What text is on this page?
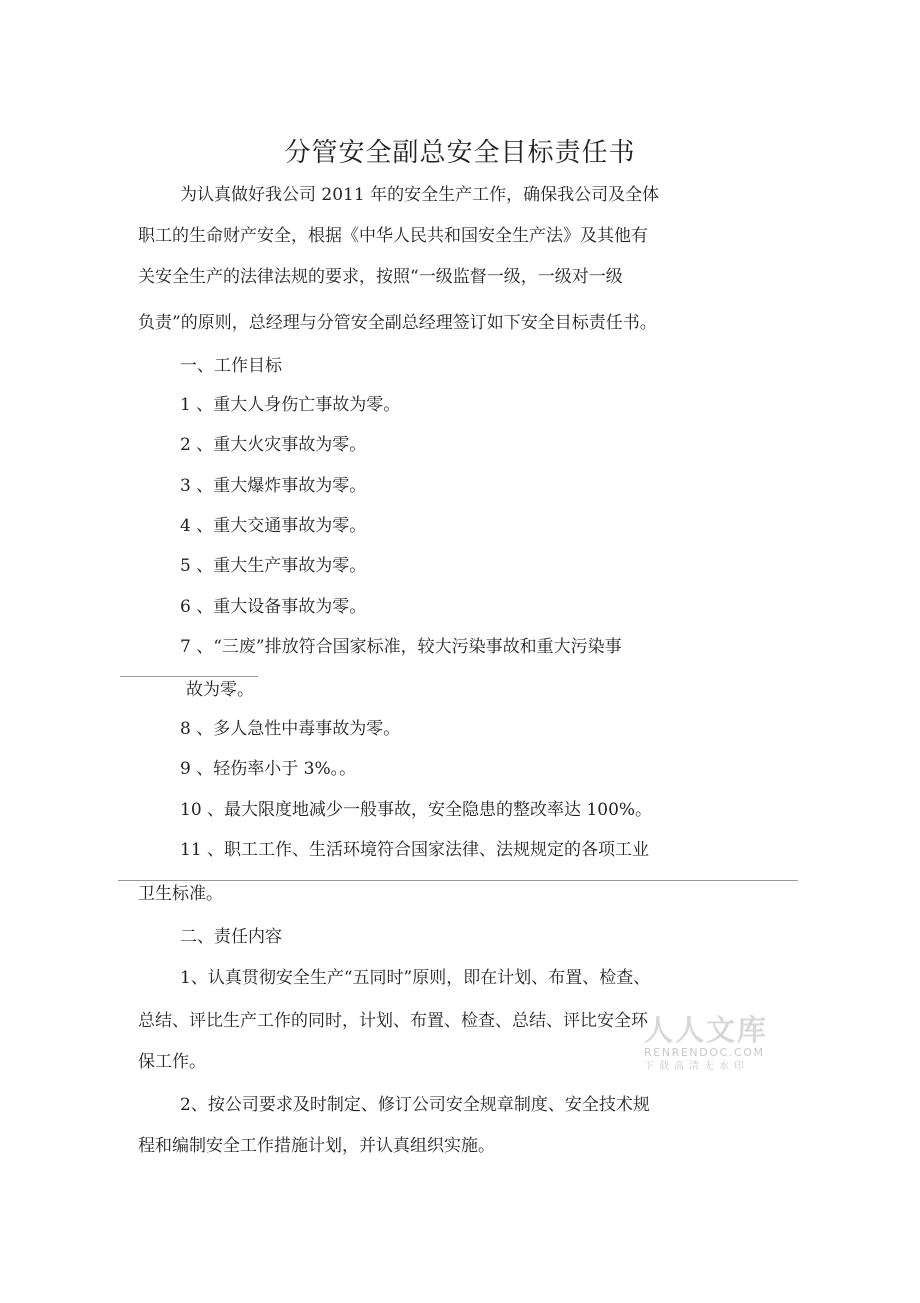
分管安全副总安全目标责任书
为认真做好我公司 2011 年的安全生产工作，确保我公司及全体
职工的生命财产安全，根据《中华人民共和国安全生产法》及其他有
关安全生产的法律法规的要求，按照“一级监督一级，一级对一级
负责”的原则，总经理与分管安全副总经理签订如下安全目标责任书。
一、工作目标
1 、重大人身伤亡事故为零。
2 、重大火灾事故为零。
3 、重大爆炸事故为零。
4 、重大交通事故为零。
5 、重大生产事故为零。
6 、重大设备事故为零。
7 、“三废”排放符合国家标准，较大污染事故和重大污染事
故为零。
8 、多人急性中毒事故为零。
9 、轻伤率小于 3%。。
10 、最大限度地减少一般事故，安全隐患的整改率达 100%。
11 、职工工作、生活环境符合国家法律、法规规定的各项工业
卫生标准。
二、责任内容
1、认真贯彻安全生产“五同时”原则，即在计划、布置、检查、
总结、评比生产工作的同时，计划、布置、检查、总结、评比安全环
保工作。
2、按公司要求及时制定、修订公司安全规章制度、安全技术规
程和编制安全工作措施计划，并认真组织实施。
人人文库
RENRENDOC.COM
下载高清无水印
